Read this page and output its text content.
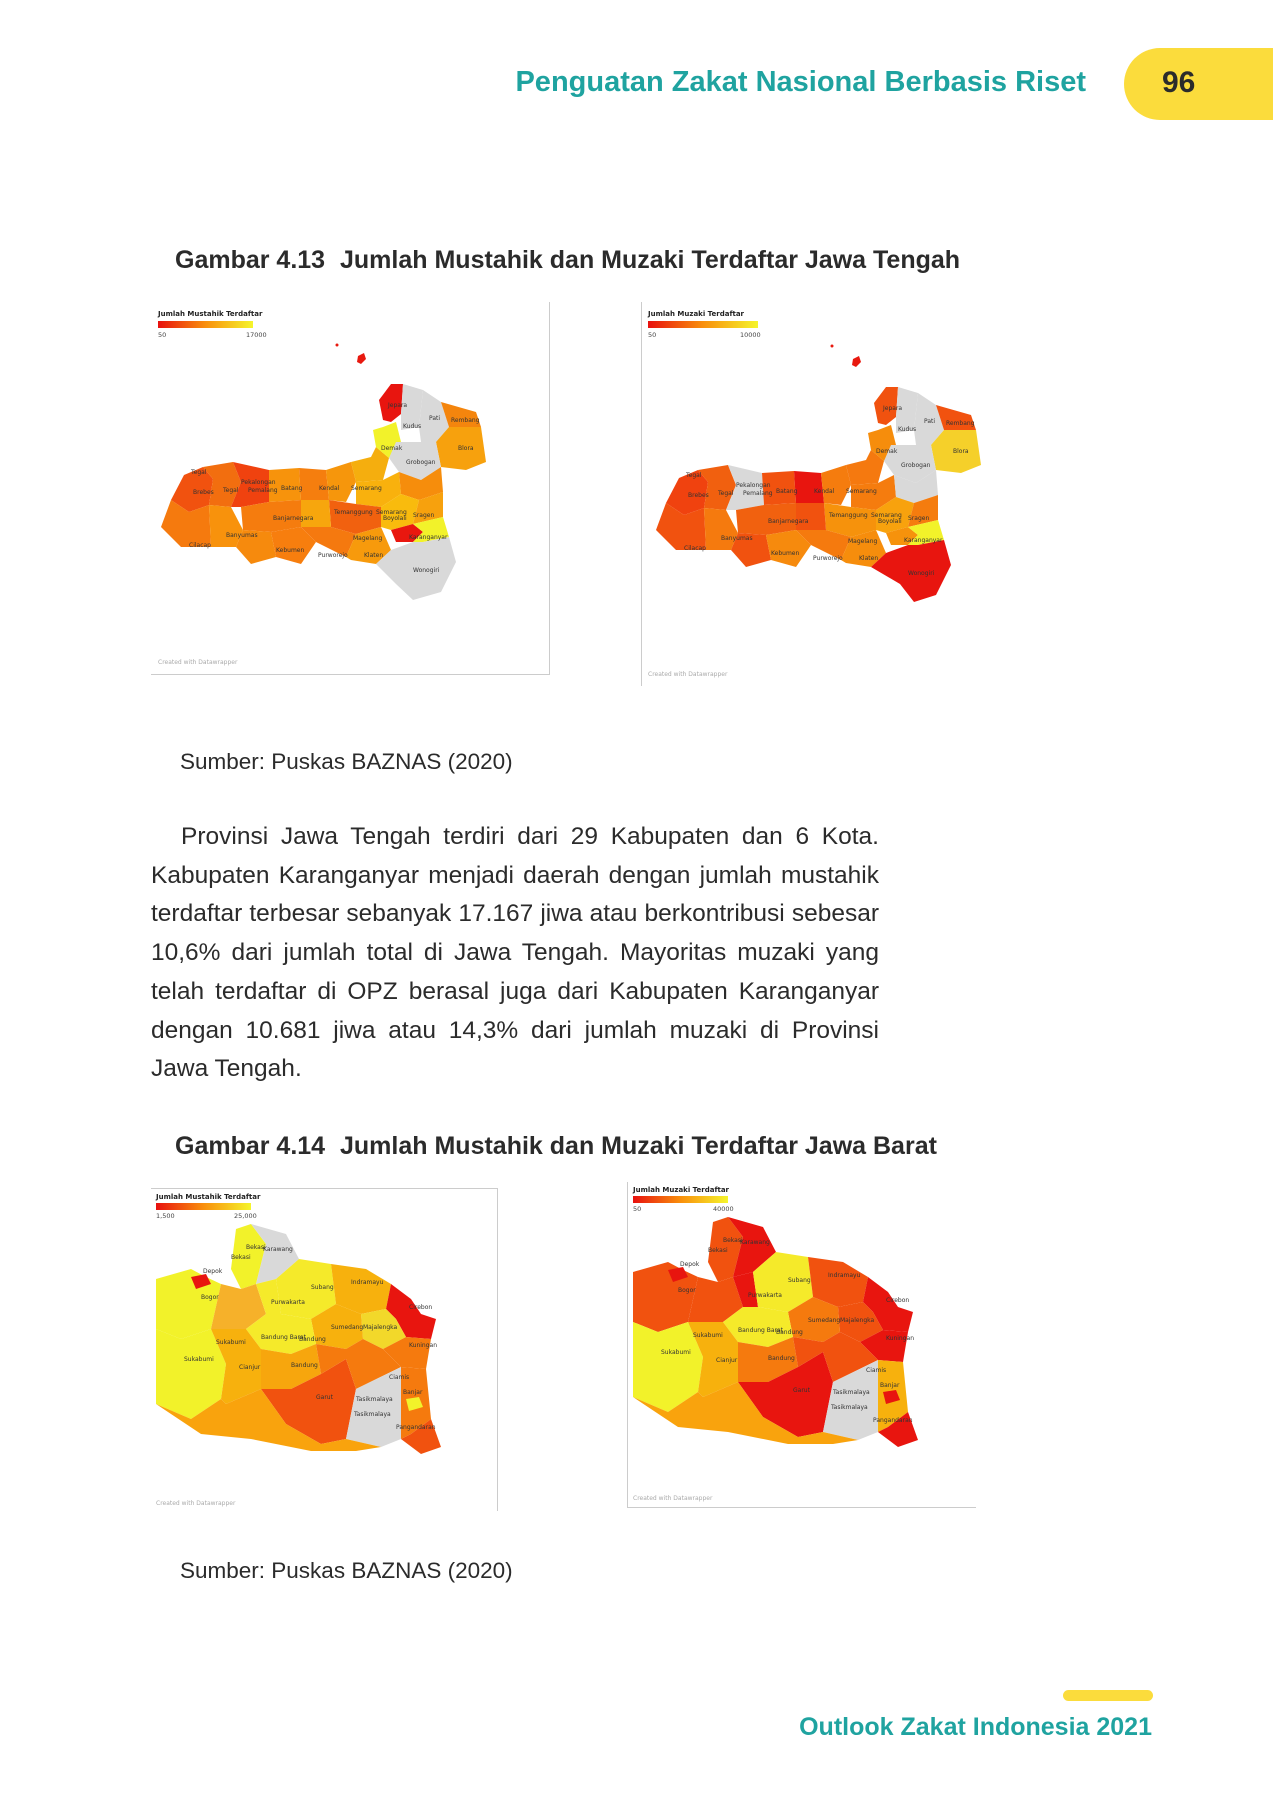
Penguatan Zakat Nasional Berbasis Riset	96
Gambar 4.13 Jumlah Mustahik dan Muzaki Terdaftar Jawa Tengah
Jumlah Mustahik Terdaftar
50	17000
Jepara
Kudus
Pati Rembang
Demak
Grobogan
Blora
Tegal
Pekalongan
Brebes Tegal Pemalang Batang	Kendal Semarang
Temanggung Semarang
Banjarnegara	Boyolali Sragen
Cilacap
Banyumas	Magelang
Kebumen
Purworejo	Klaten
Karanganyar
Wonogiri
Created with Datawrapper
Jumlah Muzaki Terdaftar
50	10000
Jepara
Kudus
Pati Rembang
Demak
Grobogan
Blora
Tegal
Pekalongan
Brebes Tegal Pemalang Batang	Kendal Semarang
Temanggung Semarang
Banjarnegara	Boyolali Sragen
Cilacap
Banyumas	Magelang
Kebumen
Purworejo	Klaten
Karanganyar
Wonogiri
Created with Datawrapper
Sumber: Puskas BAZNAS (2020)

Provinsi Jawa Tengah terdiri dari 29 Kabupaten dan 6 Kota. Kabupaten Karanganyar menjadi daerah dengan jumlah mustahik terdaftar terbesar sebanyak 17.167 jiwa atau berkontribusi sebesar 10,6% dari jumlah total di Jawa Tengah. Mayoritas muzaki yang telah terdaftar di OPZ berasal juga dari Kabupaten Karanganyar dengan 10.681 jiwa atau 14,3% dari jumlah muzaki di Provinsi Jawa Tengah.

Gambar 4.14 Jumlah Mustahik dan Muzaki Terdaftar Jawa Barat
Jumlah Mustahik Terdaftar
1,500	25,000
Bekasi
Karawang
Bekasi
Depok
Bogor
Subang
Indramayu
Purwakarta
Cirebon
Sumedang Majalengka
Bandung Barat
Bandung
Kuningan
Sukabumi
Cianjur	Bandung
Sukabumi
Garut
Ciamis
Tasikmalaya
Banjar
Tasikmalaya
Pangandaran
Created with Datawrapper
Jumlah Muzaki Terdaftar
50	40000
Bekasi
Karawang
Bekasi
Depok
Bogor
Subang
Indramayu
Purwakarta
Cirebon
Sumedang Majalengka
Bandung Barat
Bandung
Kuningan
Sukabumi
Cianjur	Bandung
Sukabumi
Garut
Ciamis
Tasikmalaya
Banjar
Tasikmalaya
Pangandaran
Created with Datawrapper
Sumber: Puskas BAZNAS (2020)
Outlook Zakat Indonesia 2021
